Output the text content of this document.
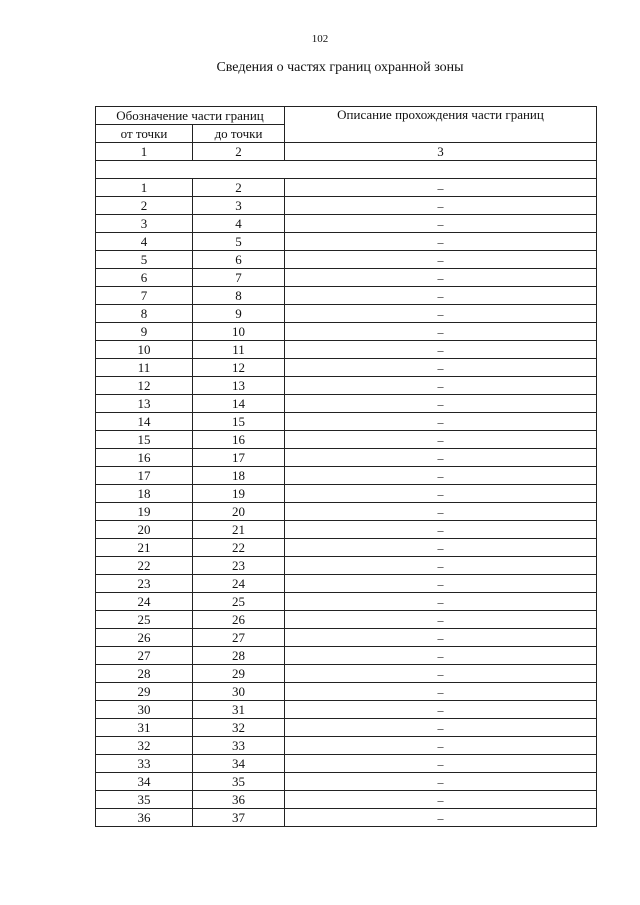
102
Сведения о частях границ охранной зоны
Обозначение части границ		Описание прохождения части границ
от точки	до точки	
1	2	3

1	2	–
2	3	–
3	4	–
4	5	–
5	6	–
6	7	–
7	8	–
8	9	–
9	10	–
10	11	–
11	12	–
12	13	–
13	14	–
14	15	–
15	16	–
16	17	–
17	18	–
18	19	–
19	20	–
20	21	–
21	22	–
22	23	–
23	24	–
24	25	–
25	26	–
26	27	–
27	28	–
28	29	–
29	30	–
30	31	–
31	32	–
32	33	–
33	34	–
34	35	–
35	36	–
36	37	–
